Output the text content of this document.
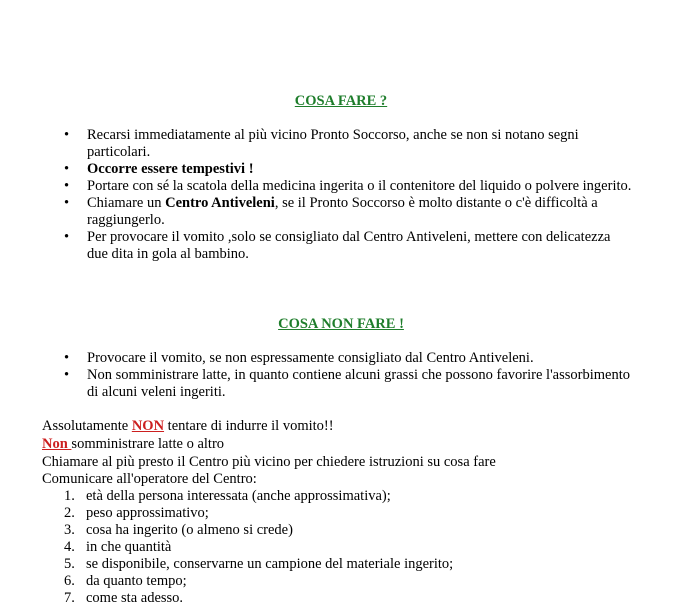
COSA FARE ?
•	Recarsi immediatamente al più vicino Pronto Soccorso, anche se non si notano segni particolari.
•	Occorre essere tempestivi !
•	Portare con sé la scatola della medicina ingerita o il contenitore del liquido o polvere ingerito.
•	Chiamare un Centro Antiveleni, se il Pronto Soccorso è molto distante o c'è difficoltà a raggiungerlo.
•	Per provocare il vomito ,solo se consigliato dal Centro Antiveleni, mettere con delicatezza due dita in gola al bambino.
COSA NON FARE !
•	Provocare il vomito, se non espressamente consigliato dal Centro Antiveleni.
•	Non somministrare latte, in quanto contiene alcuni grassi che possono favorire l'assorbimento di alcuni veleni ingeriti.
Assolutamente NON tentare di indurre il vomito!!
Non somministrare latte o altro
Chiamare al più presto il Centro più vicino per chiedere istruzioni su cosa fare
Comunicare all'operatore del Centro:
1. età della persona interessata (anche approssimativa);
2. peso approssimativo;
3. cosa ha ingerito (o almeno si crede)
4. in che quantità
5. se disponibile, conservarne un campione del materiale ingerito;
6. da quanto tempo;
7. come sta adesso.
